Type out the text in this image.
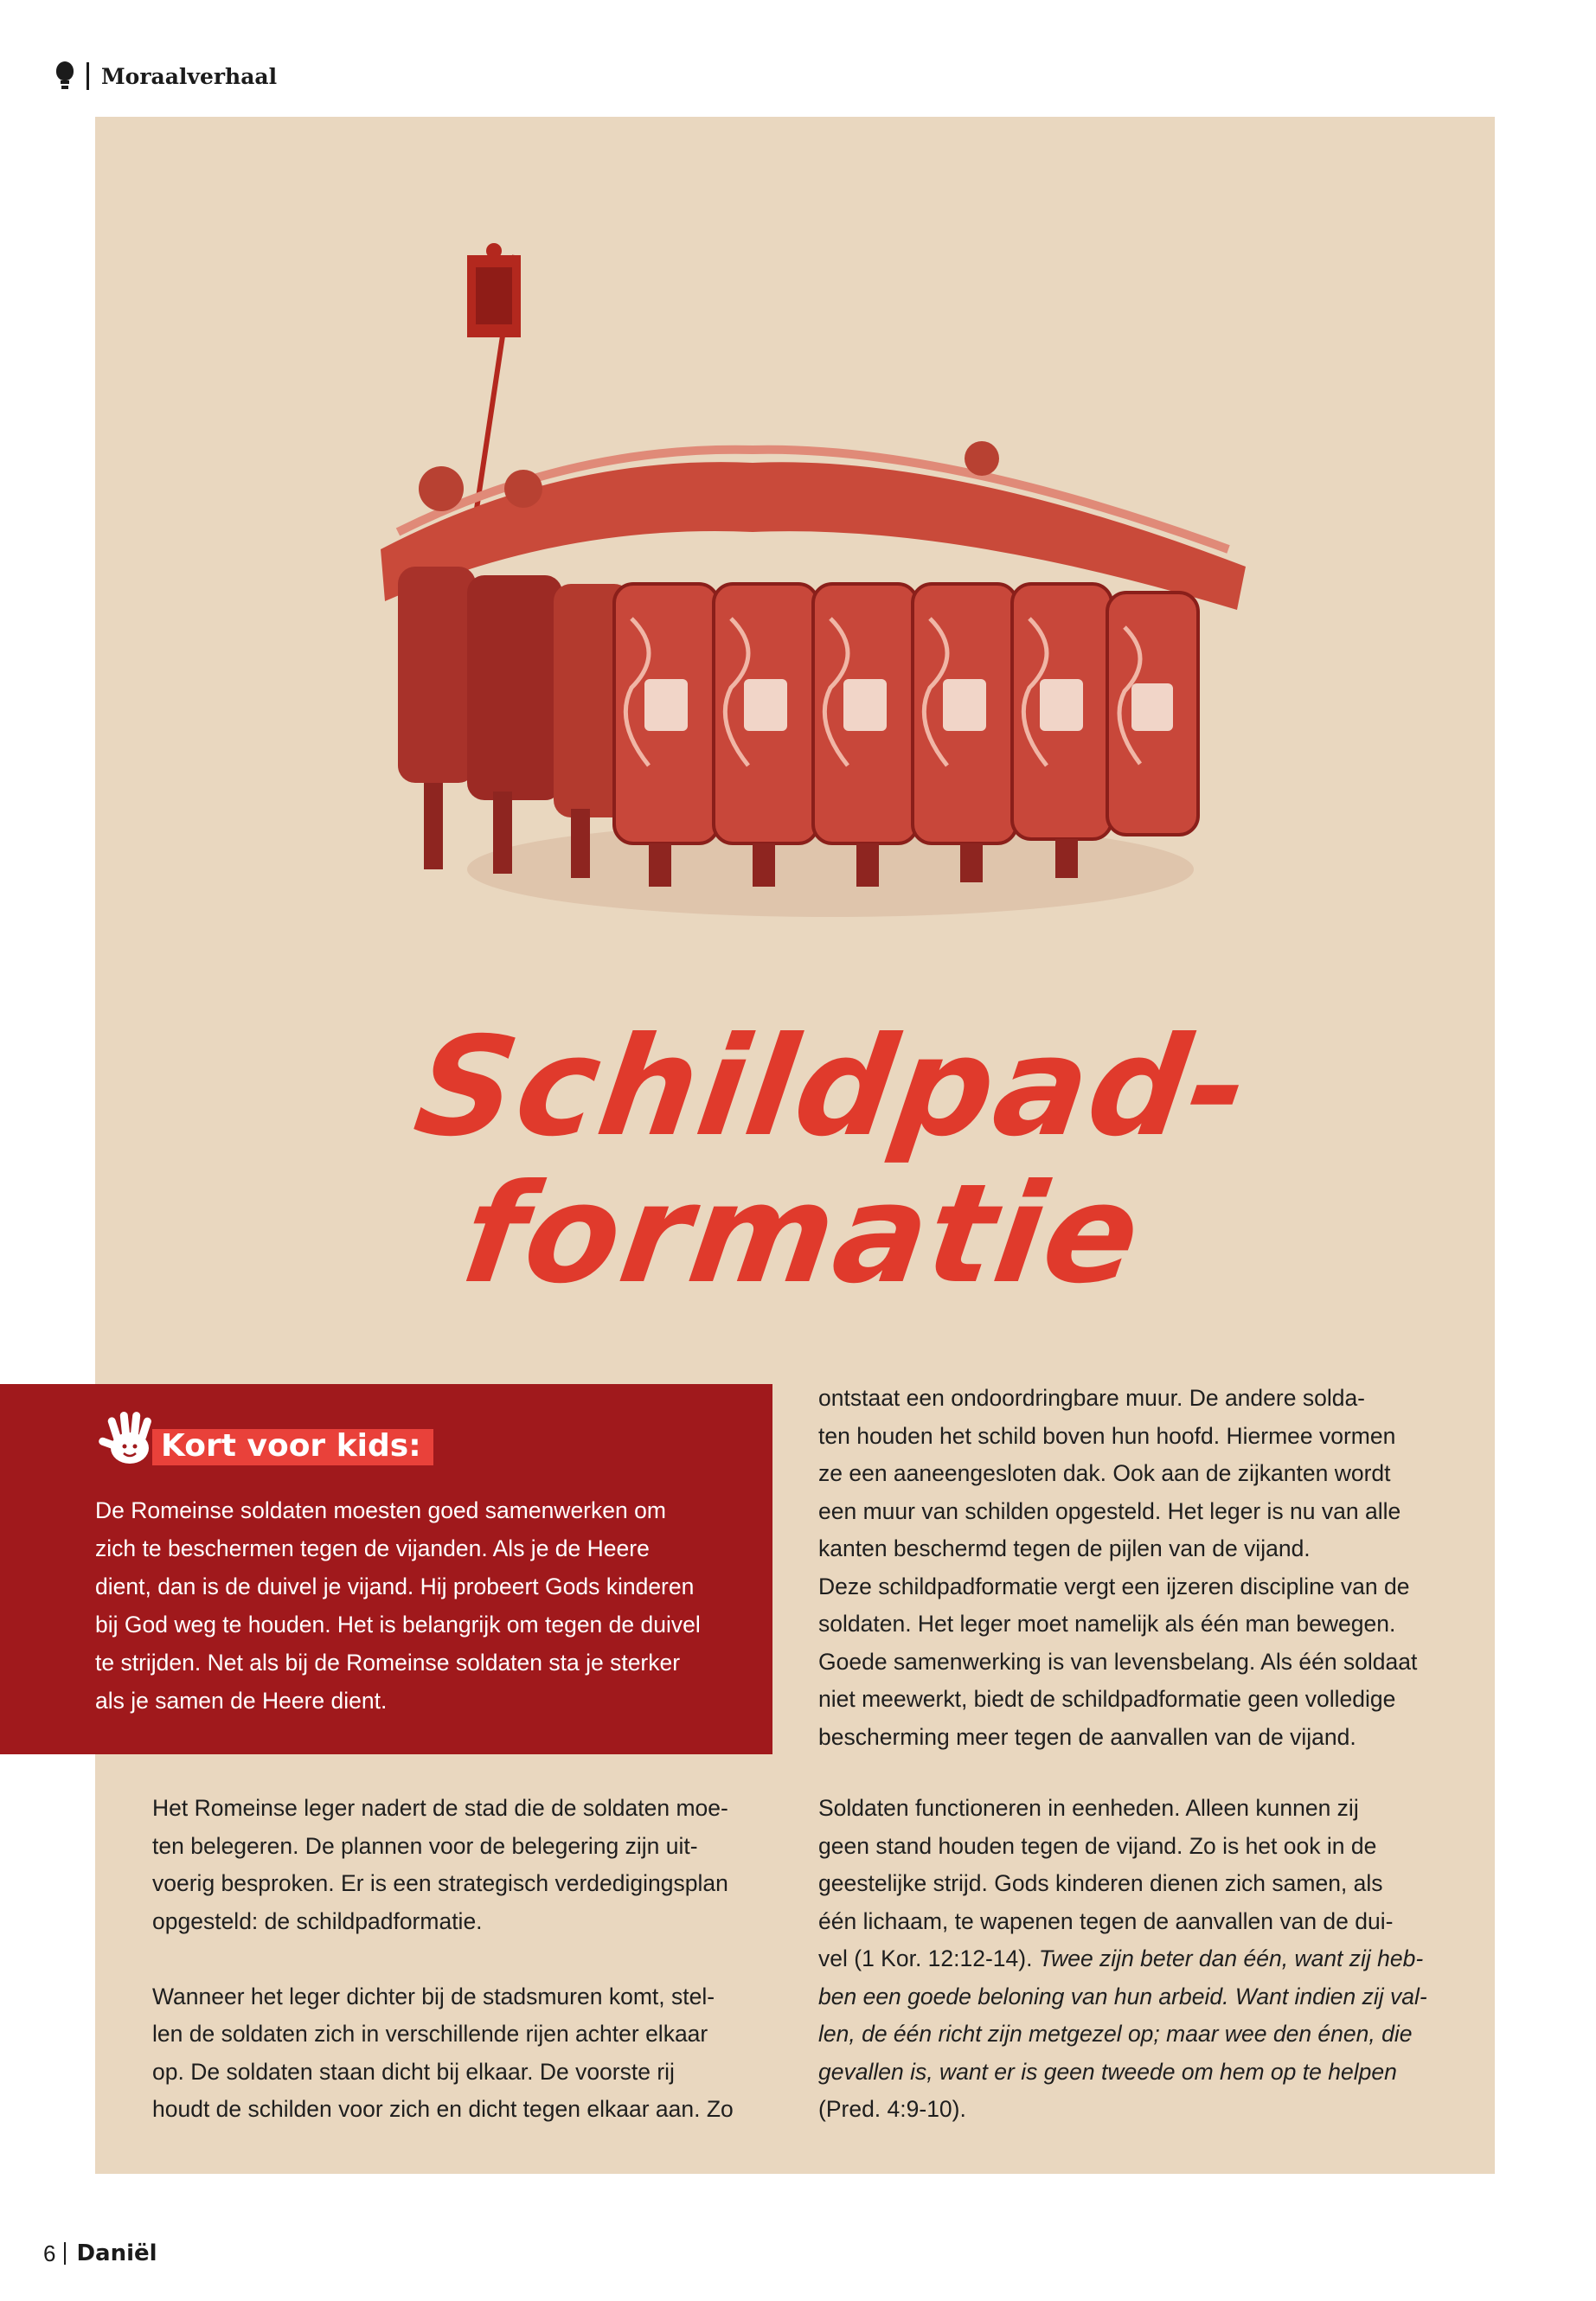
Moraalverhaal
Schildpad-
formatie
Kort voor kids:

De Romeinse soldaten moesten goed samenwerken om

zich te beschermen tegen de vijanden. Als je de Heere

dient, dan is de duivel je vijand. Hij probeert Gods kinderen

bij God weg te houden. Het is belangrijk om tegen de duivel

te strijden. Net als bij de Romeinse soldaten sta je sterker

als je samen de Heere dient.

ontstaat een ondoordringbare muur. De andere solda-

ten houden het schild boven hun hoofd. Hiermee vormen

ze een aaneengesloten dak. Ook aan de zijkanten wordt

een muur van schilden opgesteld. Het leger is nu van alle

kanten beschermd tegen de pijlen van de vijand.

Deze schildpadformatie vergt een ijzeren discipline van de

soldaten. Het leger moet namelijk als één man bewegen.

Goede samenwerking is van levensbelang. Als één soldaat

niet meewerkt, biedt de schildpadformatie geen volledige

bescherming meer tegen de aanvallen van de vijand.

Het Romeinse leger nadert de stad die de soldaten moe-

ten belegeren. De plannen voor de belegering zijn uit-

voerig besproken. Er is een strategisch verdedigingsplan

opgesteld: de schildpadformatie.

Wanneer het leger dichter bij de stadsmuren komt, stel-

len de soldaten zich in verschillende rijen achter elkaar

op. De soldaten staan dicht bij elkaar. De voorste rij

houdt de schilden voor zich en dicht tegen elkaar aan. Zo

Soldaten functioneren in eenheden. Alleen kunnen zij

geen stand houden tegen de vijand. Zo is het ook in de

geestelijke strijd. Gods kinderen dienen zich samen, als

één lichaam, te wapenen tegen de aanvallen van de dui-

vel (1 Kor. 12:12-14). Twee zijn beter dan één, want zij heb-

ben een goede beloning van hun arbeid. Want indien zij val-

len, de één richt zijn metgezel op; maar wee den énen, die

gevallen is, want er is geen tweede om hem op te helpen

(Pred. 4:9-10).

6 Daniël
